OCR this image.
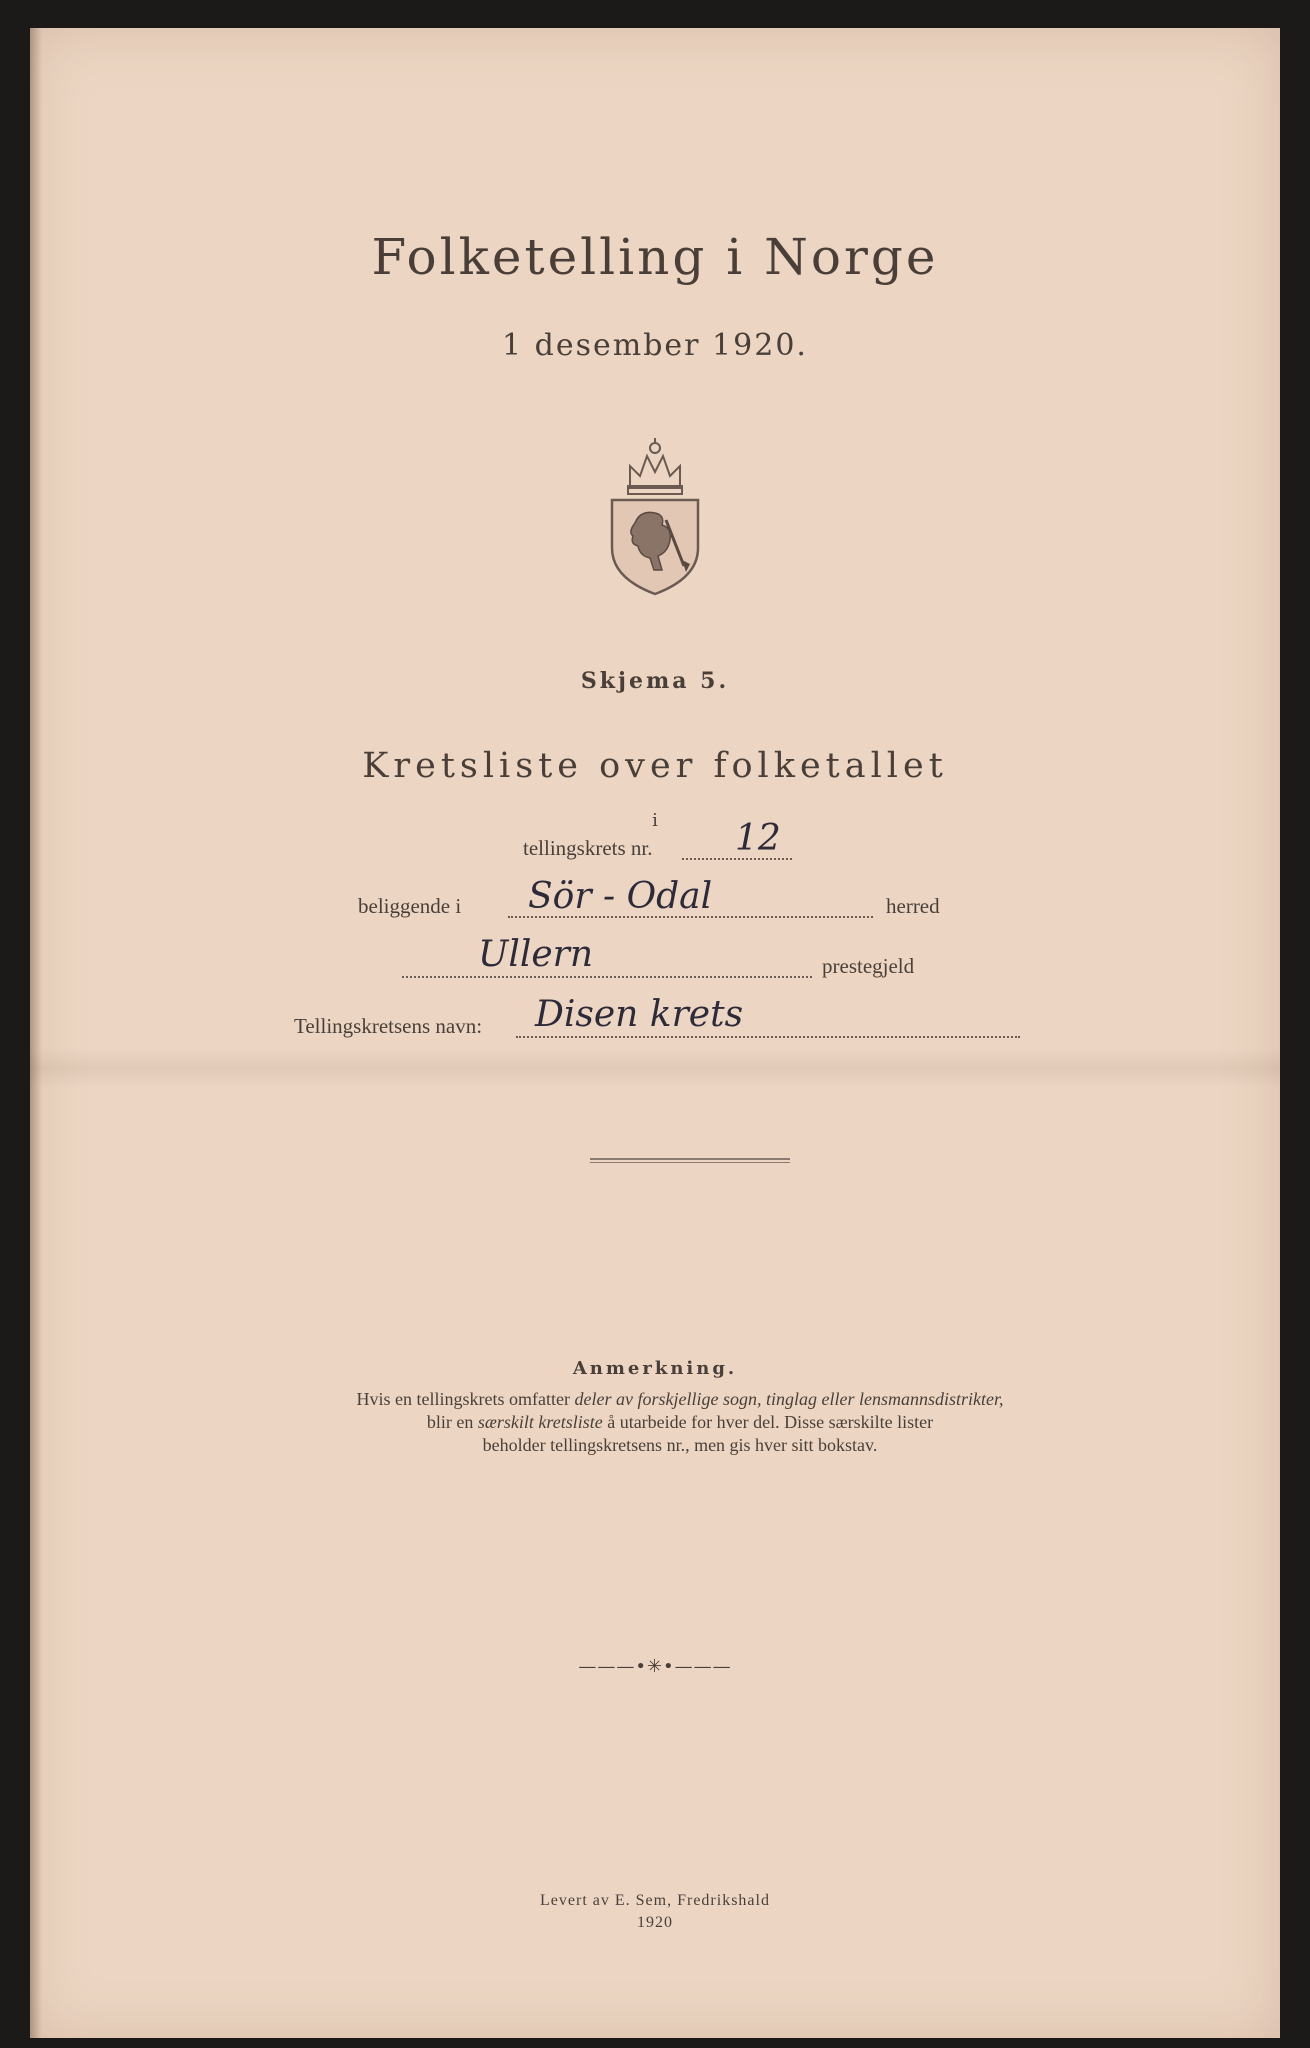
Folketelling i Norge
1 desember 1920.
Skjema 5.
Kretsliste over folketallet
i
tellingskrets nr. 12
beliggende i Sör - Odal	herred
Ullern	prestegjeld
Tellingskretsens navn: Disen krets
Anmerkning.
Hvis en tellingskrets omfatter deler av forskjellige sogn, tinglag eller lensmannsdistrikter,
blir en særskilt kretsliste å utarbeide for hver del. Disse særskilte lister
beholder tellingskretsens nr., men gis hver sitt bokstav.
———•✳•———
Levert av E. Sem, Fredrikshald
1920
